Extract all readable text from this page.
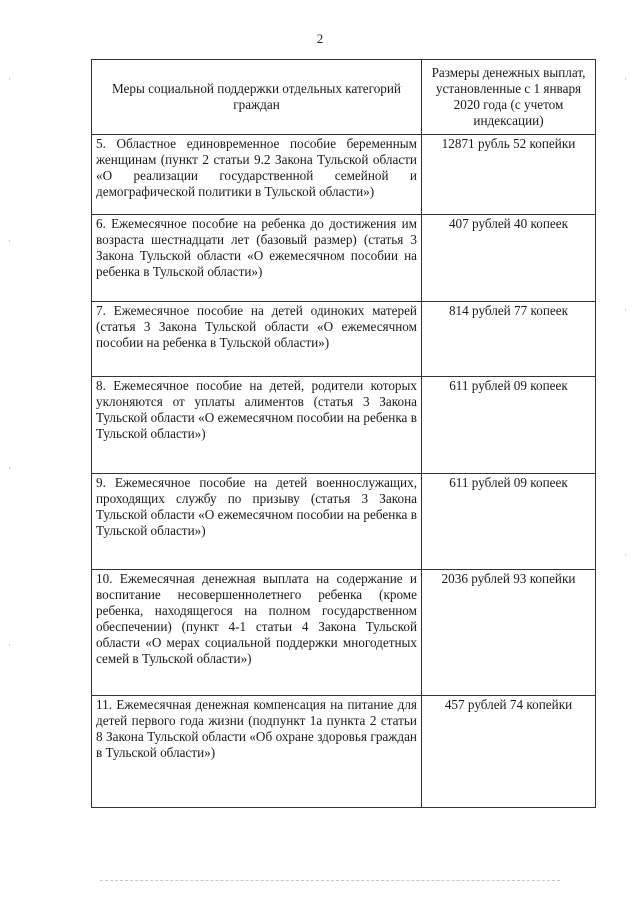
2
Меры социальной поддержки отдельных категорий граждан	Размеры денежных выплат, установленные с 1 января 2020 года (с учетом индексации)
5. Областное единовременное пособие беременным женщинам (пункт 2 статьи 9.2 Закона Тульской области «О реализации государственной семейной и демографической политики в Тульской области»)	12871 рубль 52 копейки
6. Ежемесячное пособие на ребенка до достижения им возраста шестнадцати лет (базовый размер) (статья 3 Закона Тульской области «О ежемесячном пособии на ребенка в Тульской области»)	407 рублей 40 копеек
7. Ежемесячное пособие на детей одиноких матерей (статья 3 Закона Тульской области «О ежемесячном пособии на ребенка в Тульской области»)	814 рублей 77 копеек
8. Ежемесячное пособие на детей, родители которых уклоняются от уплаты алиментов (статья 3 Закона Тульской области «О ежемесячном пособии на ребенка в Тульской области»)	611 рублей 09 копеек
9. Ежемесячное пособие на детей военнослужащих, проходящих службу по призыву (статья 3 Закона Тульской области «О ежемесячном пособии на ребенка в Тульской области»)	611 рублей 09 копеек
10. Ежемесячная денежная выплата на содержание и воспитание несовершеннолетнего ребенка (кроме ребенка, находящегося на полном государственном обеспечении) (пункт 4-1 статьи 4 Закона Тульской области «О мерах социальной поддержки многодетных семей в Тульской области»)	2036 рублей 93 копейки
11. Ежемесячная денежная компенсация на питание для детей первого года жизни (подпункт 1а пункта 2 статьи 8 Закона Тульской области «Об охране здоровья граждан в Тульской области»)	457 рублей 74 копейки
·
·
·
·
·
·
·
